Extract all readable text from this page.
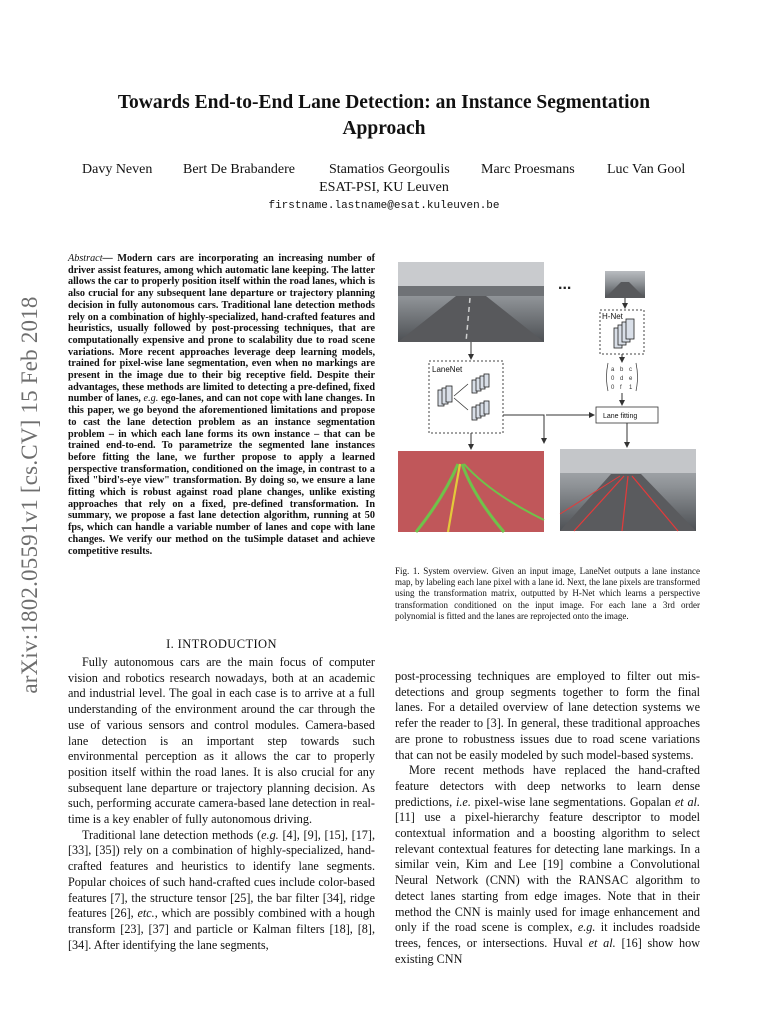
arXiv:1802.05591v1 [cs.CV] 15 Feb 2018
Towards End-to-End Lane Detection: an Instance Segmentation
Approach
Davy Neven Bert De Brabandere Stamatios Georgoulis Marc Proesmans Luc Van Gool
ESAT-PSI, KU Leuven
firstname.lastname@esat.kuleuven.be
Abstract— Modern cars are incorporating an increasing number of driver assist features, among which automatic lane keeping. The latter allows the car to properly position itself within the road lanes, which is also crucial for any subsequent lane departure or trajectory planning decision in fully autonomous cars. Traditional lane detection methods rely on a combination of highly-specialized, hand-crafted features and heuristics, usually followed by post-processing techniques, that are computationally expensive and prone to scalability due to road scene variations. More recent approaches leverage deep learning models, trained for pixel-wise lane segmentation, even when no markings are present in the image due to their big receptive field. Despite their advantages, these methods are limited to detecting a pre-defined, fixed number of lanes, e.g. ego-lanes, and can not cope with lane changes. In this paper, we go beyond the aforementioned limitations and propose to cast the lane detection problem as an instance segmentation problem – in which each lane forms its own instance – that can be trained end-to-end. To parametrize the segmented lane instances before fitting the lane, we further propose to apply a learned perspective transformation, conditioned on the image, in contrast to a fixed "bird's-eye view" transformation. By doing so, we ensure a lane fitting which is robust against road plane changes, unlike existing approaches that rely on a fixed, pre-defined transformation. In summary, we propose a fast lane detection algorithm, running at 50 fps, which can handle a variable number of lanes and cope with lane changes. We verify our method on the tuSimple dataset and achieve competitive results.
I. INTRODUCTION

Fully autonomous cars are the main focus of computer vision and robotics research nowadays, both at an academic and industrial level. The goal in each case is to arrive at a full understanding of the environment around the car through the use of various sensors and control modules. Camera-based lane detection is an important step towards such environmental perception as it allows the car to properly position itself within the road lanes. It is also crucial for any subsequent lane departure or trajectory planning decision. As such, performing accurate camera-based lane detection in real-time is a key enabler of fully autonomous driving.

Traditional lane detection methods (e.g. [4], [9], [15], [17], [33], [35]) rely on a combination of highly-specialized, hand-crafted features and heuristics to identify lane segments. Popular choices of such hand-crafted cues include color-based features [7], the structure tensor [25], the bar filter [34], ridge features [26], etc., which are possibly combined with a hough transform [23], [37] and particle or Kalman filters [18], [8], [34]. After identifying the lane segments,

...
H-Net
a b c
0 d e
0 f 1
Lane fitting
LaneNet
Fig. 1. System overview. Given an input image, LaneNet outputs a lane instance map, by labeling each lane pixel with a lane id. Next, the lane pixels are transformed using the transformation matrix, outputted by H-Net which learns a perspective transformation conditioned on the input image. For each lane a 3rd order polynomial is fitted and the lanes are reprojected onto the image.

post-processing techniques are employed to filter out mis-detections and group segments together to form the final lanes. For a detailed overview of lane detection systems we refer the reader to [3]. In general, these traditional approaches are prone to robustness issues due to road scene variations that can not be easily modeled by such model-based systems.

More recent methods have replaced the hand-crafted feature detectors with deep networks to learn dense predictions, i.e. pixel-wise lane segmentations. Gopalan et al. [11] use a pixel-hierarchy feature descriptor to model contextual information and a boosting algorithm to select relevant contextual features for detecting lane markings. In a similar vein, Kim and Lee [19] combine a Convolutional Neural Network (CNN) with the RANSAC algorithm to detect lanes starting from edge images. Note that in their method the CNN is mainly used for image enhancement and only if the road scene is complex, e.g. it includes roadside trees, fences, or intersections. Huval et al. [16] show how existing CNN
